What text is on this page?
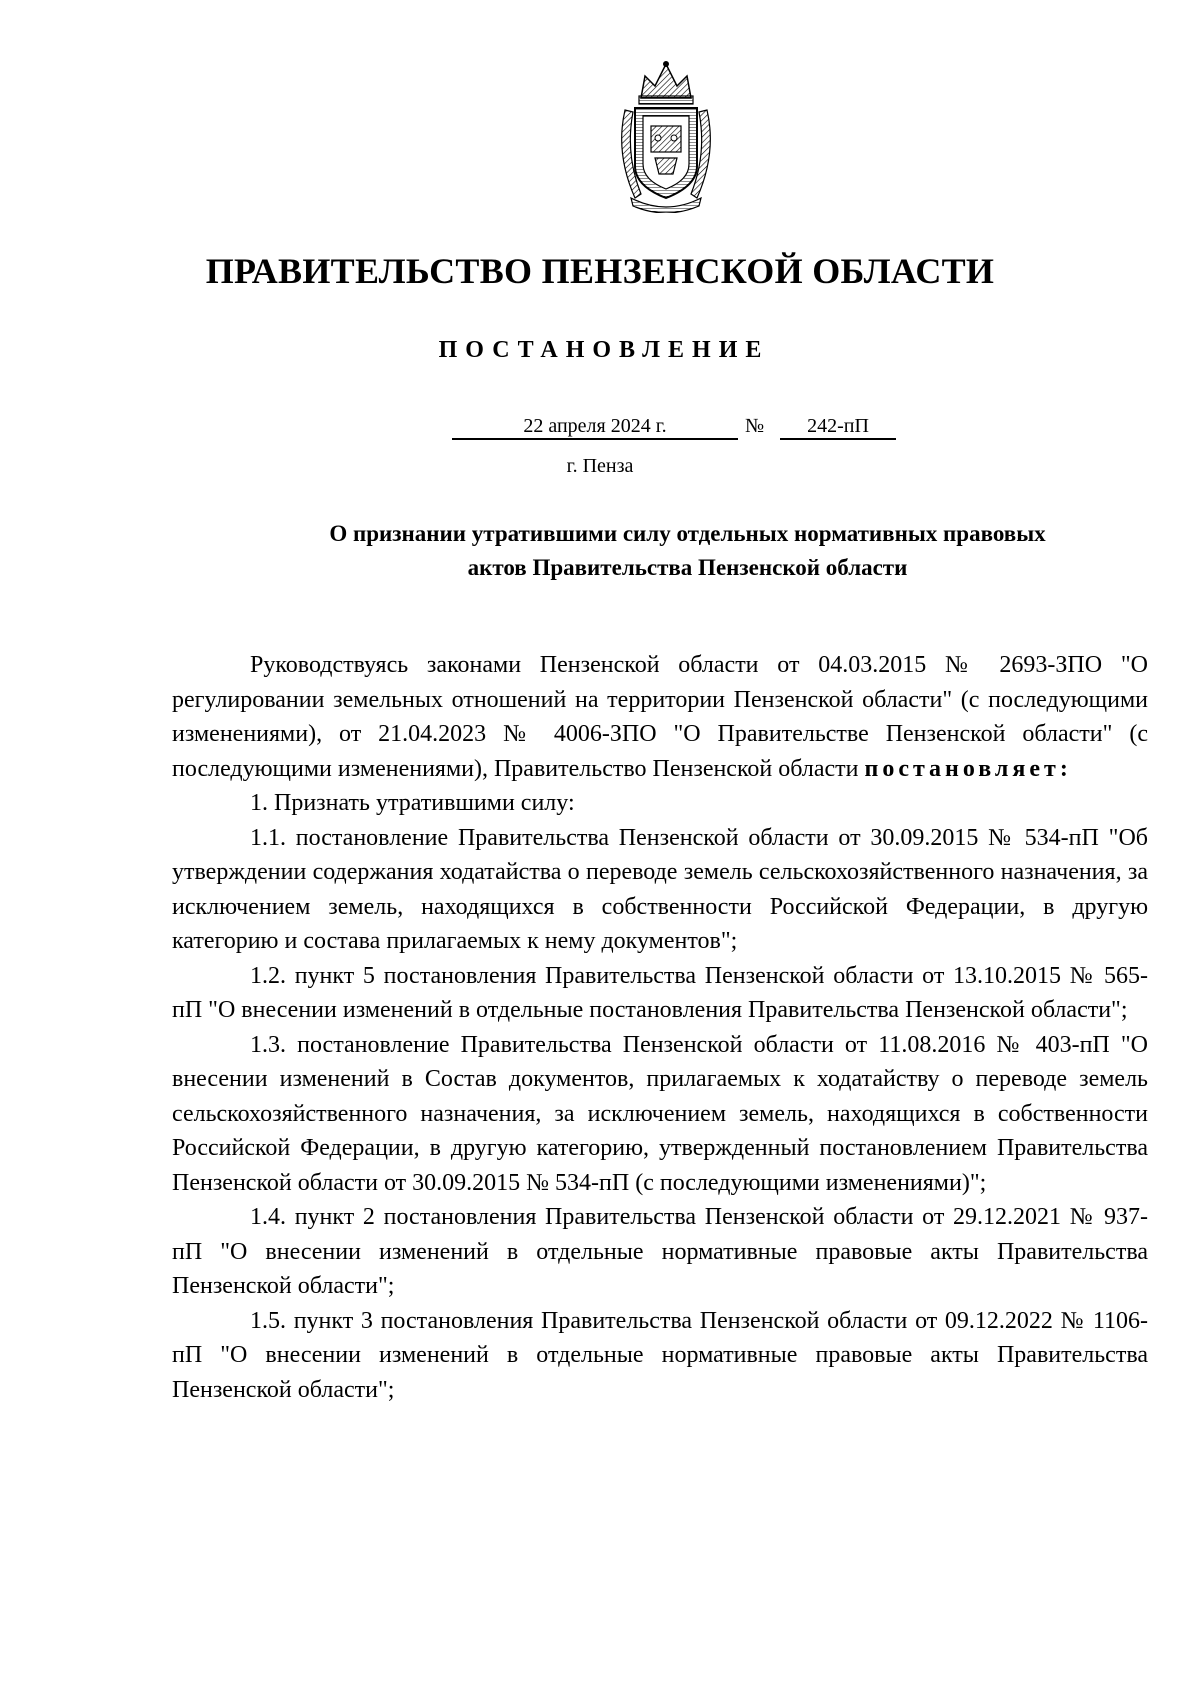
ПРАВИТЕЛЬСТВО ПЕНЗЕНСКОЙ ОБЛАСТИ
ПОСТАНОВЛЕНИЕ
22 апреля 2024 г.	№	242-пП
г. Пенза
О признании утратившими силу отдельных нормативных правовых
актов Правительства Пензенской области

Руководствуясь законами Пензенской области от 04.03.2015 № 2693-ЗПО "О регулировании земельных отношений на территории Пензенской области" (с последующими изменениями), от 21.04.2023 № 4006-ЗПО "О Правительстве Пензенской области" (с последующими изменениями), Правительство Пензенской области постановляет:

1. Признать утратившими силу:

1.1. постановление Правительства Пензенской области от 30.09.2015 № 534-пП "Об утверждении содержания ходатайства о переводе земель сельскохозяйственного назначения, за исключением земель, находящихся в собственности Российской Федерации, в другую категорию и состава прилагаемых к нему документов";

1.2. пункт 5 постановления Правительства Пензенской области от 13.10.2015 № 565-пП "О внесении изменений в отдельные постановления Правительства Пензенской области";

1.3. постановление Правительства Пензенской области от 11.08.2016 № 403-пП "О внесении изменений в Состав документов, прилагаемых к ходатайству о переводе земель сельскохозяйственного назначения, за исключением земель, находящихся в собственности Российской Федерации, в другую категорию, утвержденный постановлением Правительства Пензенской области от 30.09.2015 № 534-пП (с последующими изменениями)";

1.4. пункт 2 постановления Правительства Пензенской области от 29.12.2021 № 937-пП "О внесении изменений в отдельные нормативные правовые акты Правительства Пензенской области";

1.5. пункт 3 постановления Правительства Пензенской области от 09.12.2022 № 1106-пП "О внесении изменений в отдельные нормативные правовые акты Правительства Пензенской области";
